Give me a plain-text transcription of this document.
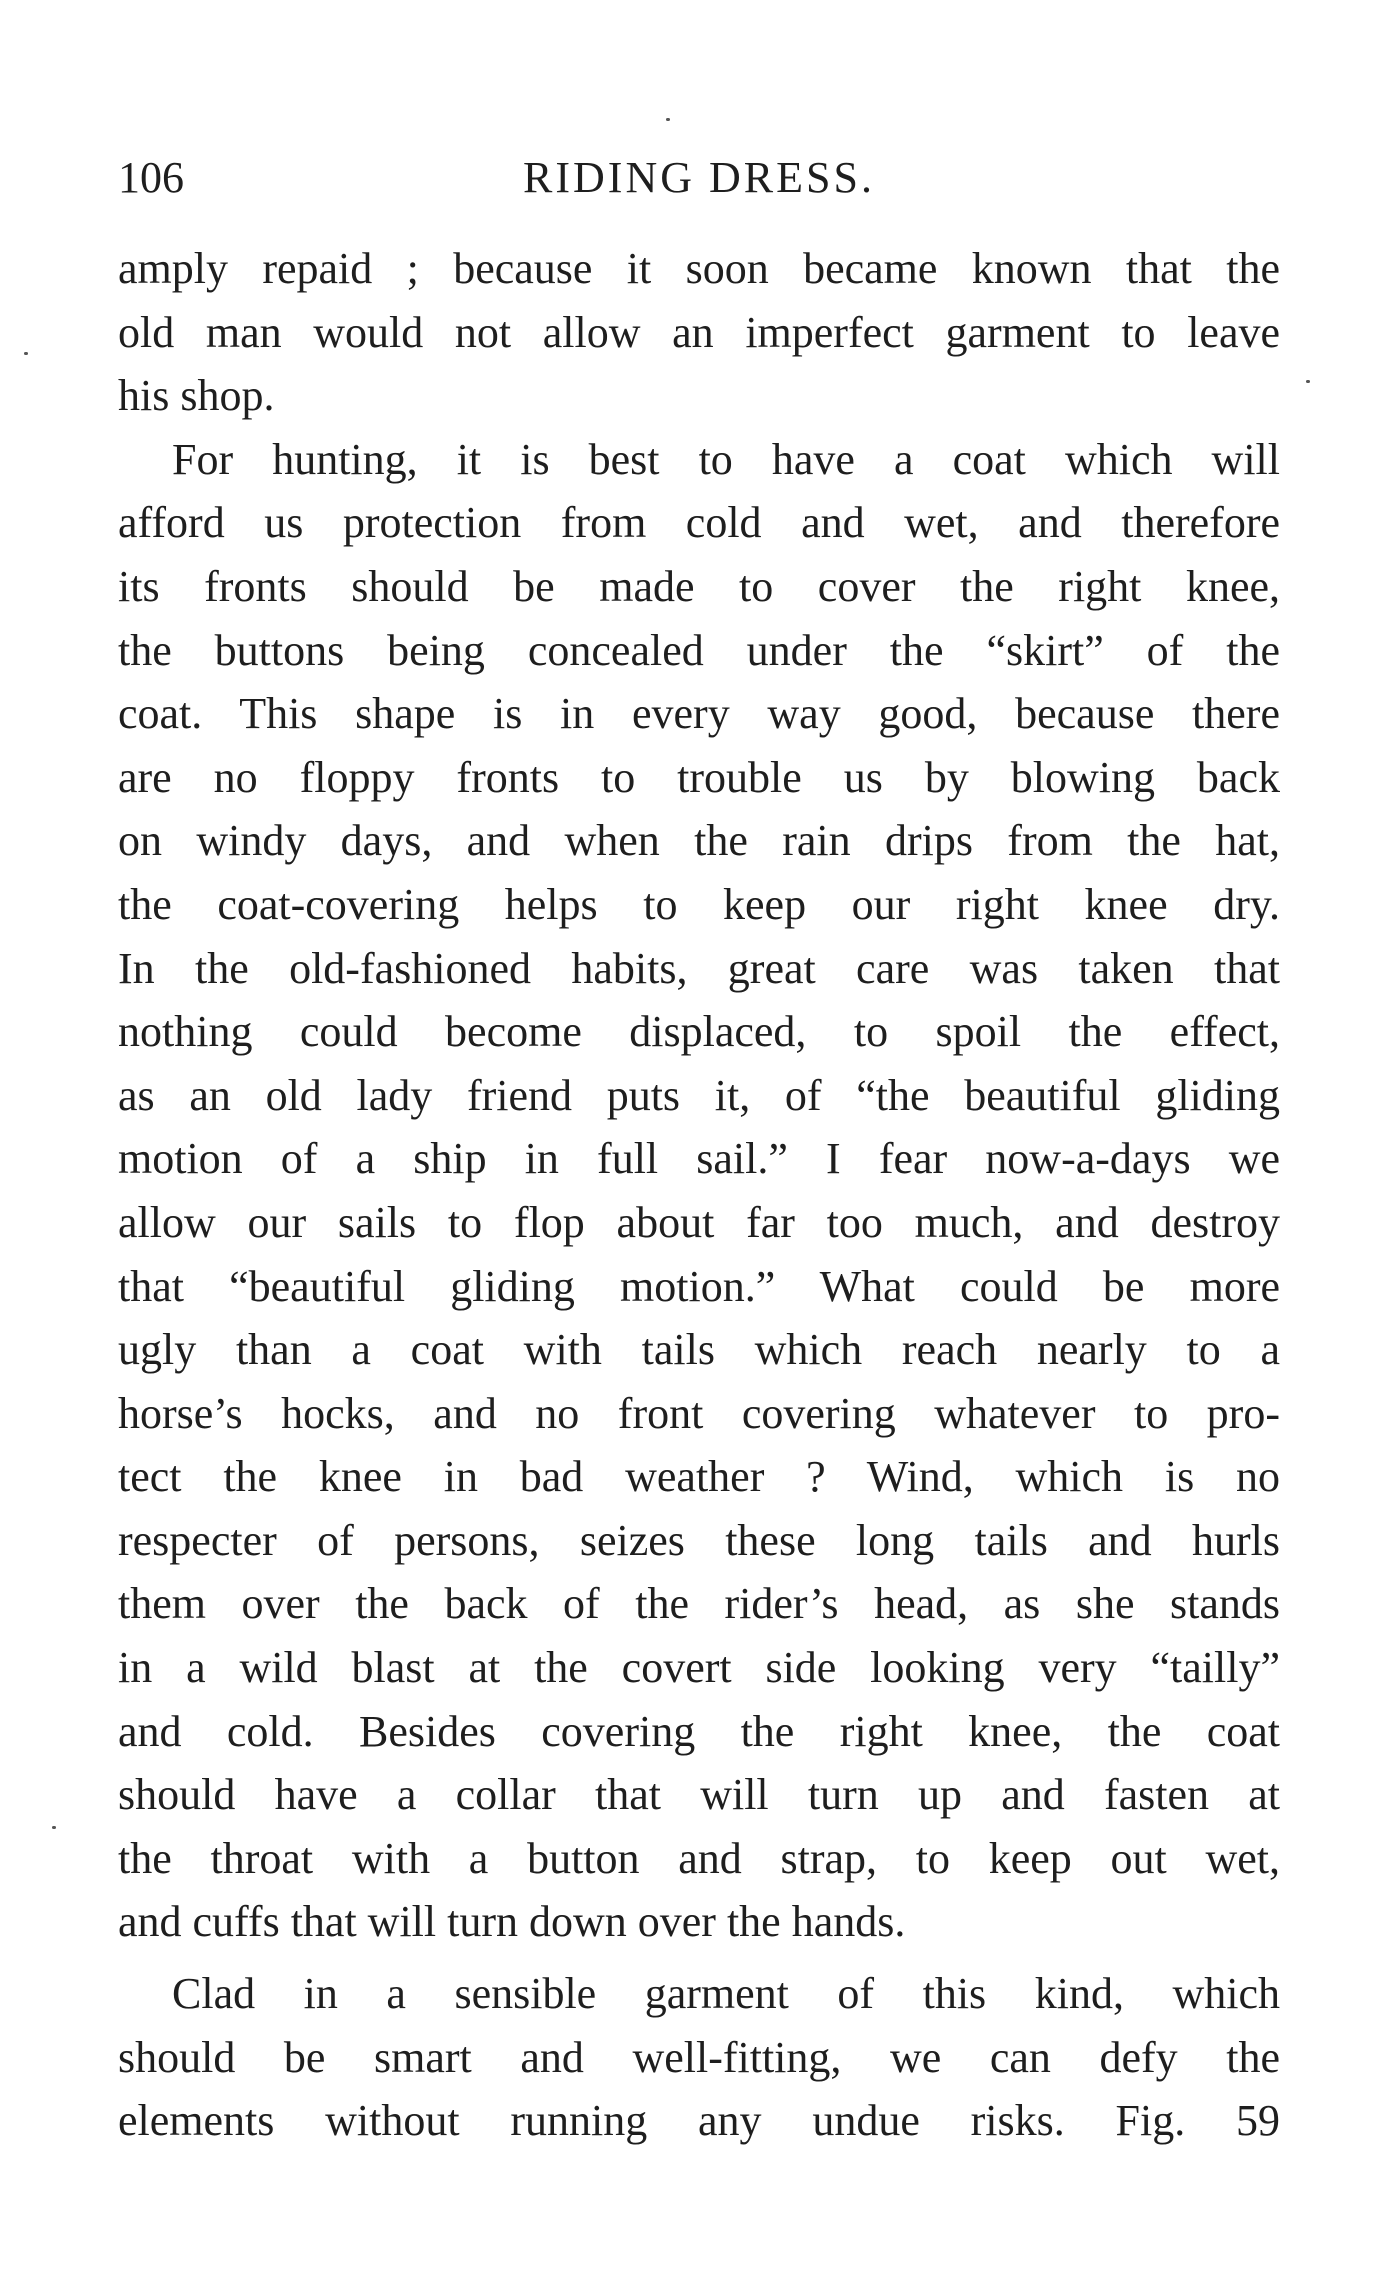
106	RIDING DRESS.
amply repaid ; because it soon became known that the
old man would not allow an imperfect garment to leave
his shop.
For hunting, it is best to have a coat which will
afford us protection from cold and wet, and therefore
its fronts should be made to cover the right knee,
the buttons being concealed under the “skirt” of the
coat. This shape is in every way good, because there
are no floppy fronts to trouble us by blowing back
on windy days, and when the rain drips from the hat,
the coat-covering helps to keep our right knee dry.
In the old-fashioned habits, great care was taken that
nothing could become displaced, to spoil the effect,
as an old lady friend puts it, of “the beautiful gliding
motion of a ship in full sail.” I fear now-a-days we
allow our sails to flop about far too much, and destroy
that “beautiful gliding motion.” What could be more
ugly than a coat with tails which reach nearly to a
horse’s hocks, and no front covering whatever to pro-
tect the knee in bad weather ? Wind, which is no
respecter of persons, seizes these long tails and hurls
them over the back of the rider’s head, as she stands
in a wild blast at the covert side looking very “tailly”
and cold. Besides covering the right knee, the coat
should have a collar that will turn up and fasten at
the throat with a button and strap, to keep out wet,
and cuffs that will turn down over the hands.
Clad in a sensible garment of this kind, which
should be smart and well-fitting, we can defy the
elements without running any undue risks. Fig. 59
